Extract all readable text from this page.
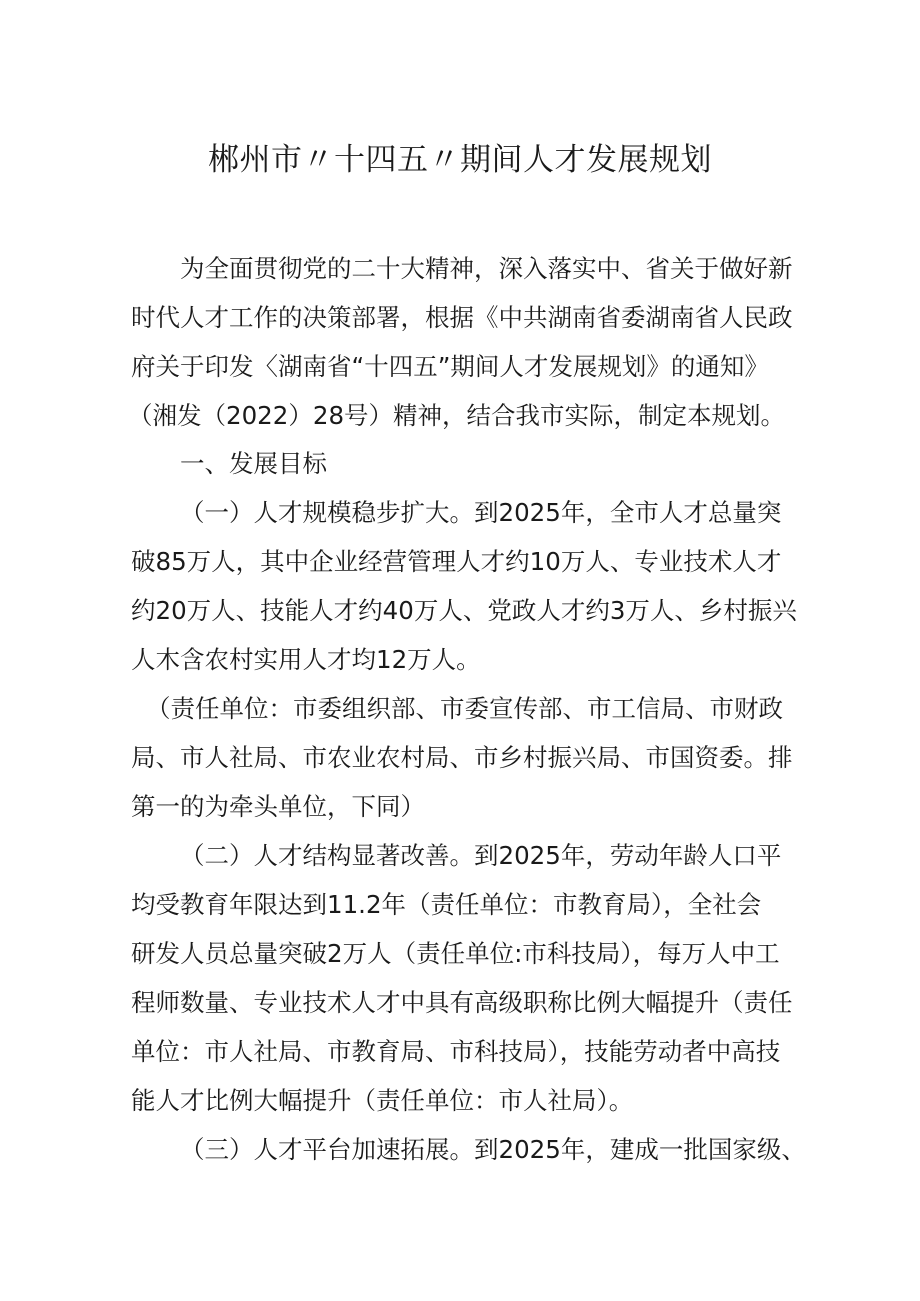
郴州市〃十四五〃期间人才发展规划
为全面贯彻党的二十大精神，深入落实中、省关于做好新
时代人才工作的决策部署，根据《中共湖南省委湖南省人民政
府关于印发〈湖南省“十四五”期间人才发展规划》的通知》
（湘发（2022）28号）精神，结合我市实际，制定本规划。
一、发展目标
（一）人才规模稳步扩大。到2025年，全市人才总量突
破85万人，其中企业经营管理人才约10万人、专业技术人才
约20万人、技能人才约40万人、党政人才约3万人、乡村振兴
人木含农村实用人才均12万人。
（责任单位：市委组织部、市委宣传部、市工信局、市财政
局、市人社局、市农业农村局、市乡村振兴局、市国资委。排
第一的为牵头单位，下同）
（二）人才结构显著改善。到2025年，劳动年龄人口平
均受教育年限达到11.2年（责任单位：市教育局），全社会
研发人员总量突破2万人（责任单位:市科技局），每万人中工
程师数量、专业技术人才中具有高级职称比例大幅提升（责任
单位：市人社局、市教育局、市科技局），技能劳动者中高技
能人才比例大幅提升（责任单位：市人社局）。
（三）人才平台加速拓展。到2025年，建成一批国家级、
